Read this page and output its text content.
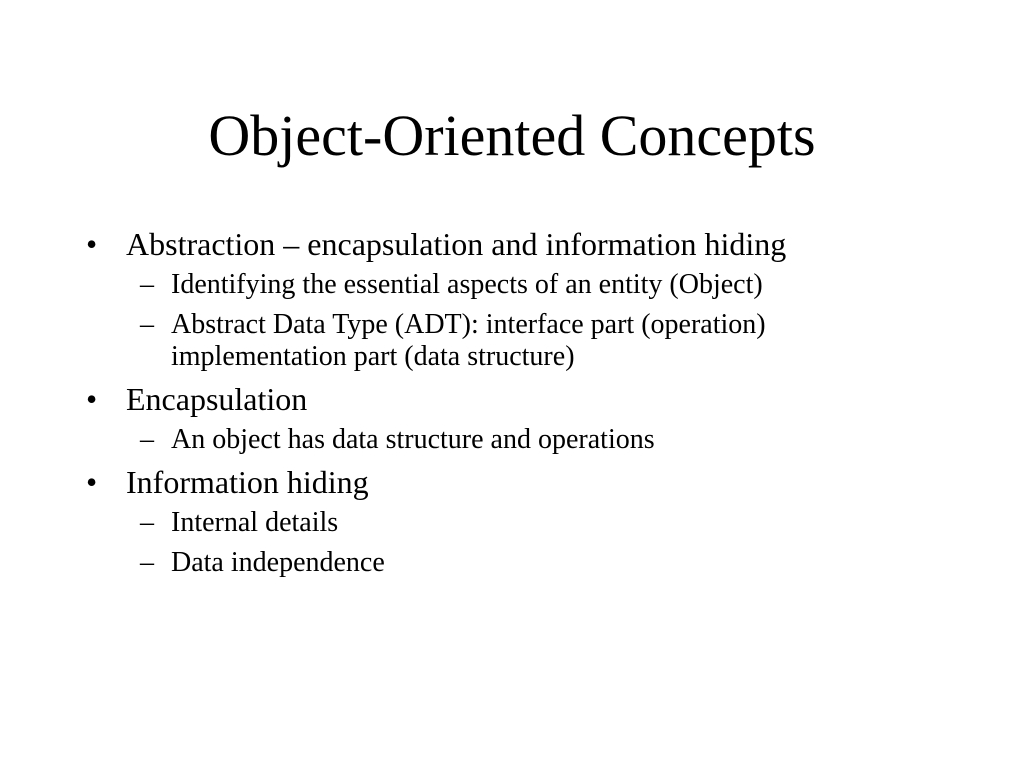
Object-Oriented Concepts
• Abstraction – encapsulation and information hiding
– Identifying the essential aspects of an entity (Object)
– Abstract Data Type (ADT): interface part (operation) implementation part (data structure)
• Encapsulation
– An object has data structure and operations
• Information hiding
– Internal details
– Data independence
